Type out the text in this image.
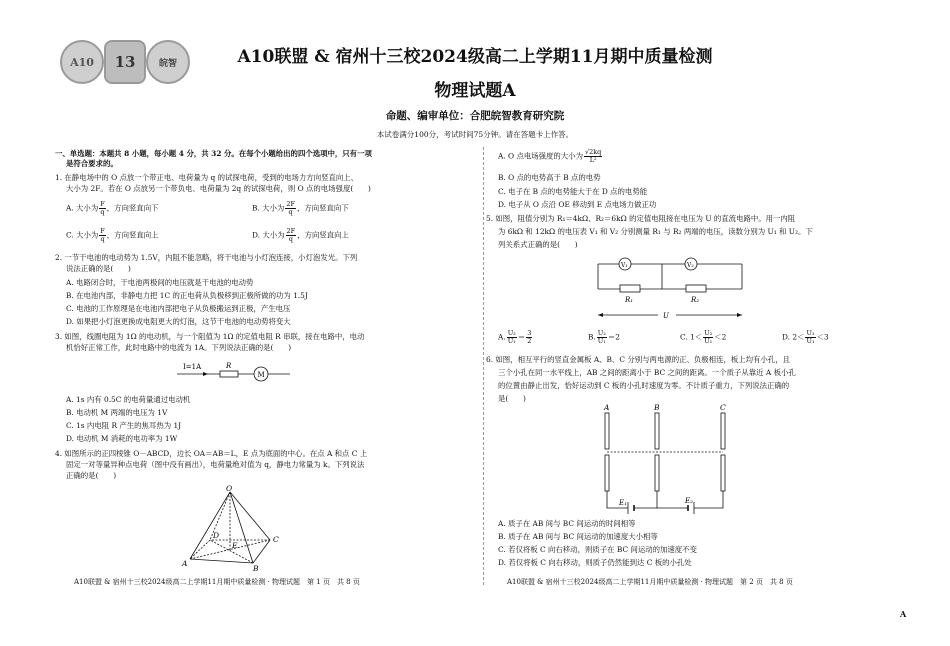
A10 13	皖智	A10联盟 & 宿州十三校2024级高二上学期11月期中质量检测
物理试题A
命题、编审单位：合肥皖智教育研究院
本试卷满分100分，考试时间75分钟。请在答题卡上作答。
一、单选题：本题共 8 小题，每小题 4 分，共 32 分。在每个小题给出的四个选项中，只有一项
是符合要求的。
1. 在静电场中的 O 点放一个带正电、电荷量为 q 的试探电荷，受到的电场力方向竖直向上、
大小为 2F。若在 O 点放另一个带负电、电荷量为 2q 的试探电荷，则 O 点的电场强度(　　)
A. 大小为 $\frac{F}{q}$ ，方向竖直向下	B. 大小为 $\frac{2F}{q}$ ，方向竖直向下
C. 大小为 $\frac{F}{q}$ ，方向竖直向上	D. 大小为 $\frac{2F}{q}$ ，方向竖直向上
2. 一节干电池的电动势为 1.5V，内阻不能忽略，将干电池与小灯泡连接，小灯泡发光。下列
说法正确的是(　　)
A. 电路闭合时，干电池两极间的电压就是干电池的电动势
B. 在电池内部，非静电力把 1C 的正电荷从负极移到正极所做的功为 1.5J
C. 电池的工作原理是在电池内部把电子从负极搬运到正极，产生电压
D. 如果把小灯泡更换成电阻更大的灯泡，这节干电池的电动势将变大
3. 如图，线圈电阻为 1Ω 的电动机，与一个阻值为 1Ω 的定值电阻 R 串联，接在电路中，电动
机恰好正常工作，此时电路中的电流为 1A。下列说法正确的是(　　)
I=1A	R
M
A. 1s 内有 0.5C 的电荷量通过电动机
B. 电动机 M 两端的电压为 1V
C. 1s 内电阻 R 产生的焦耳热为 1J
D. 电动机 M 消耗的电功率为 1W
4. 如图所示的正四棱锥 O－ABCD，边长 OA＝AB＝L，E 点为底面的中心。在点 A 和点 C 上
固定一对等量异种点电荷（图中没有画出），电荷量绝对值为 q，静电力常量为 k。下列说法
正确的是(　　)
O
A
B
C
D
E
A10联盟 & 宿州十三校2024级高二上学期11月期中质量检测 · 物理试题　第 1 页　共 8 页
A. O 点电场强度的大小为 $\frac{√2kq}{\text{L²}}$
B. O 点的电势高于 B 点的电势
C. 电子在 B 点的电势能大于在 D 点的电势能
D. 电子从 O 点沿 OE 移动到 E 点电场力做正功
5. 如图，阻值分别为 R₁＝4kΩ、R₂＝6kΩ 的定值电阻接在电压为 U 的直流电路中。用一内阻
为 6kΩ 和 12kΩ 的电压表 V₁ 和 V₂ 分别测量 R₁ 与 R₂ 两端的电压，读数分别为 U₁ 和 U₂。下
列关系式正确的是(　　)
V₁	V₂
R₁	R₂
U
A. $\frac{\text{U₂}}{\text{U₁}} = \frac{3}{2}$	B. $\frac{\text{U₂}}{\text{U₁}} =2$	C. $1< \frac{\text{U₂}}{\text{U₁}} <2$	D. $2< \frac{\text{U₂}}{\text{U₁}} <3$
6. 如图，相互平行的竖直金属板 A、B、C 分别与两电源的正、负极相连，板上均有小孔，且
三个小孔在同一水平线上，AB 之间的距离小于 BC 之间的距离。一个质子从靠近 A 板小孔
的位置由静止出发，恰好运动到 C 板的小孔时速度为零。不计质子重力，下列说法正确的
是(　　)
A	B	C
E₁	E₂
A. 质子在 AB 间与 BC 间运动的时间相等
B. 质子在 AB 间与 BC 间运动的加速度大小相等
C. 若仅将板 C 向右移动，则质子在 BC 间运动的加速度不变
D. 若仅将板 C 向右移动，则质子仍然能到达 C 板的小孔处
A10联盟 & 宿州十三校2024级高二上学期11月期中质量检测 · 物理试题　第 2 页　共 8 页
A
